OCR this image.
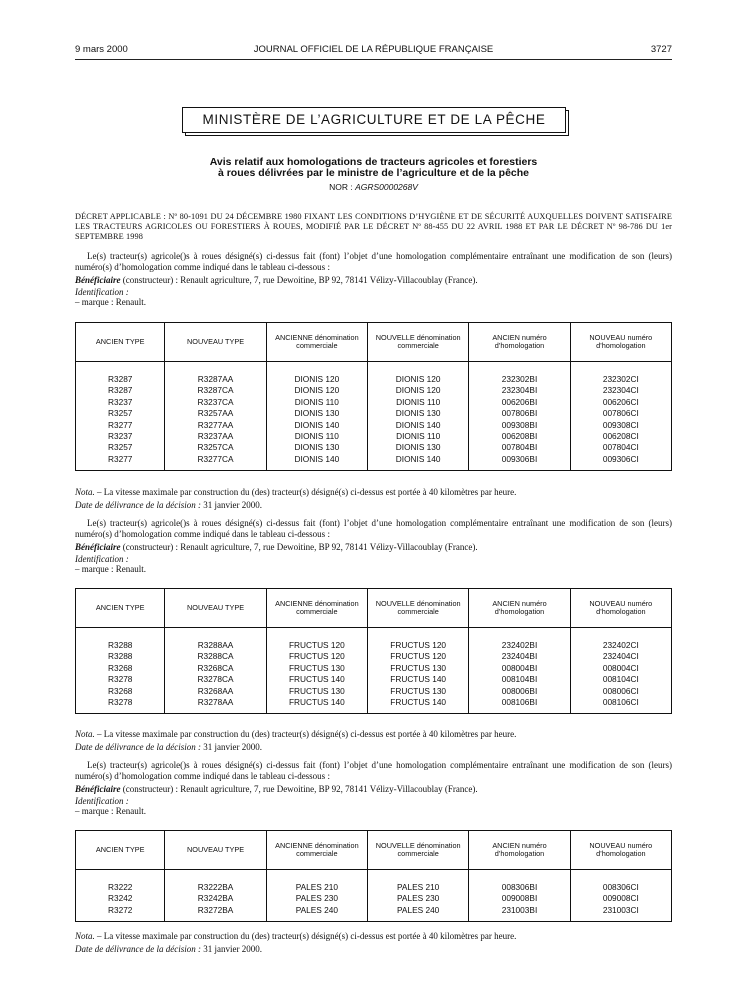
9 mars 2000	JOURNAL OFFICIEL DE LA RÉPUBLIQUE FRANÇAISE	3727
MINISTÈRE DE L’AGRICULTURE ET DE LA PÊCHE
Avis relatif aux homologations de tracteurs agricoles et forestiers
à roues délivrées par le ministre de l’agriculture et de la pêche
NOR : AGRS0000268V
DÉCRET APPLICABLE : Nº 80-1091 DU 24 DÉCEMBRE 1980 FIXANT LES CONDITIONS D’HYGIÈNE ET DE SÉCURITÉ AUXQUELLES DOIVENT SATISFAIRE LES TRACTEURS AGRICOLES OU FORESTIERS À ROUES, MODIFIÉ PAR LE DÉCRET Nº 88-455 DU 22 AVRIL 1988 ET PAR LE DÉCRET Nº 98-786 DU 1er SEPTEMBRE 1998

Le(s) tracteur(s) agricole()s à roues désigné(s) ci-dessus fait (font) l’objet d’une homologation complémentaire entraînant une modification de son (leurs) numéro(s) d’homologation comme indiqué dans le tableau ci-dessous :

Bénéficiaire (constructeur) : Renault agriculture, 7, rue Dewoitine, BP 92, 78141 Vélizy-Villacoublay (France).

Identification :

– marque : Renault.

ANCIEN TYPE	NOUVEAU TYPE	ANCIENNE dénomination commerciale	NOUVELLE dénomination commerciale	ANCIEN numéro d’homologation	NOUVEAU numéro d’homologation

R3287	R3287AA	DIONIS 120	DIONIS 120	232302BI	232302CI
R3287	R3287CA	DIONIS 120	DIONIS 120	232304BI	232304CI
R3237	R3237CA	DIONIS 110	DIONIS 110	006206BI	006206CI
R3257	R3257AA	DIONIS 130	DIONIS 130	007806BI	007806CI
R3277	R3277AA	DIONIS 140	DIONIS 140	009308BI	009308CI
R3237	R3237AA	DIONIS 110	DIONIS 110	006208BI	006208CI
R3257	R3257CA	DIONIS 130	DIONIS 130	007804BI	007804CI
R3277	R3277CA	DIONIS 140	DIONIS 140	009306BI	009306CI

Nota. – La vitesse maximale par construction du (des) tracteur(s) désigné(s) ci-dessus est portée à 40 kilomètres par heure.

Date de délivrance de la décision : 31 janvier 2000.

Le(s) tracteur(s) agricole()s à roues désigné(s) ci-dessus fait (font) l’objet d’une homologation complémentaire entraînant une modification de son (leurs) numéro(s) d’homologation comme indiqué dans le tableau ci-dessous :

Bénéficiaire (constructeur) : Renault agriculture, 7, rue Dewoitine, BP 92, 78141 Vélizy-Villacoublay (France).

Identification :

– marque : Renault.

ANCIEN TYPE	NOUVEAU TYPE	ANCIENNE dénomination commerciale	NOUVELLE dénomination commerciale	ANCIEN numéro d’homologation	NOUVEAU numéro d’homologation

R3288	R3288AA	FRUCTUS 120	FRUCTUS 120	232402BI	232402CI
R3288	R3288CA	FRUCTUS 120	FRUCTUS 120	232404BI	232404CI
R3268	R3268CA	FRUCTUS 130	FRUCTUS 130	008004BI	008004CI
R3278	R3278CA	FRUCTUS 140	FRUCTUS 140	008104BI	008104CI
R3268	R3268AA	FRUCTUS 130	FRUCTUS 130	008006BI	008006CI
R3278	R3278AA	FRUCTUS 140	FRUCTUS 140	008106BI	008106CI

Nota. – La vitesse maximale par construction du (des) tracteur(s) désigné(s) ci-dessus est portée à 40 kilomètres par heure.

Date de délivrance de la décision : 31 janvier 2000.

Le(s) tracteur(s) agricole()s à roues désigné(s) ci-dessus fait (font) l’objet d’une homologation complémentaire entraînant une modification de son (leurs) numéro(s) d’homologation comme indiqué dans le tableau ci-dessous :

Bénéficiaire (constructeur) : Renault agriculture, 7, rue Dewoitine, BP 92, 78141 Vélizy-Villacoublay (France).

Identification :

– marque : Renault.

ANCIEN TYPE	NOUVEAU TYPE	ANCIENNE dénomination commerciale	NOUVELLE dénomination commerciale	ANCIEN numéro d’homologation	NOUVEAU numéro d’homologation

R3222	R3222BA	PALES 210	PALES 210	008306BI	008306CI
R3242	R3242BA	PALES 230	PALES 230	009008BI	009008CI
R3272	R3272BA	PALES 240	PALES 240	231003BI	231003CI

Nota. – La vitesse maximale par construction du (des) tracteur(s) désigné(s) ci-dessus est portée à 40 kilomètres par heure.

Date de délivrance de la décision : 31 janvier 2000.
